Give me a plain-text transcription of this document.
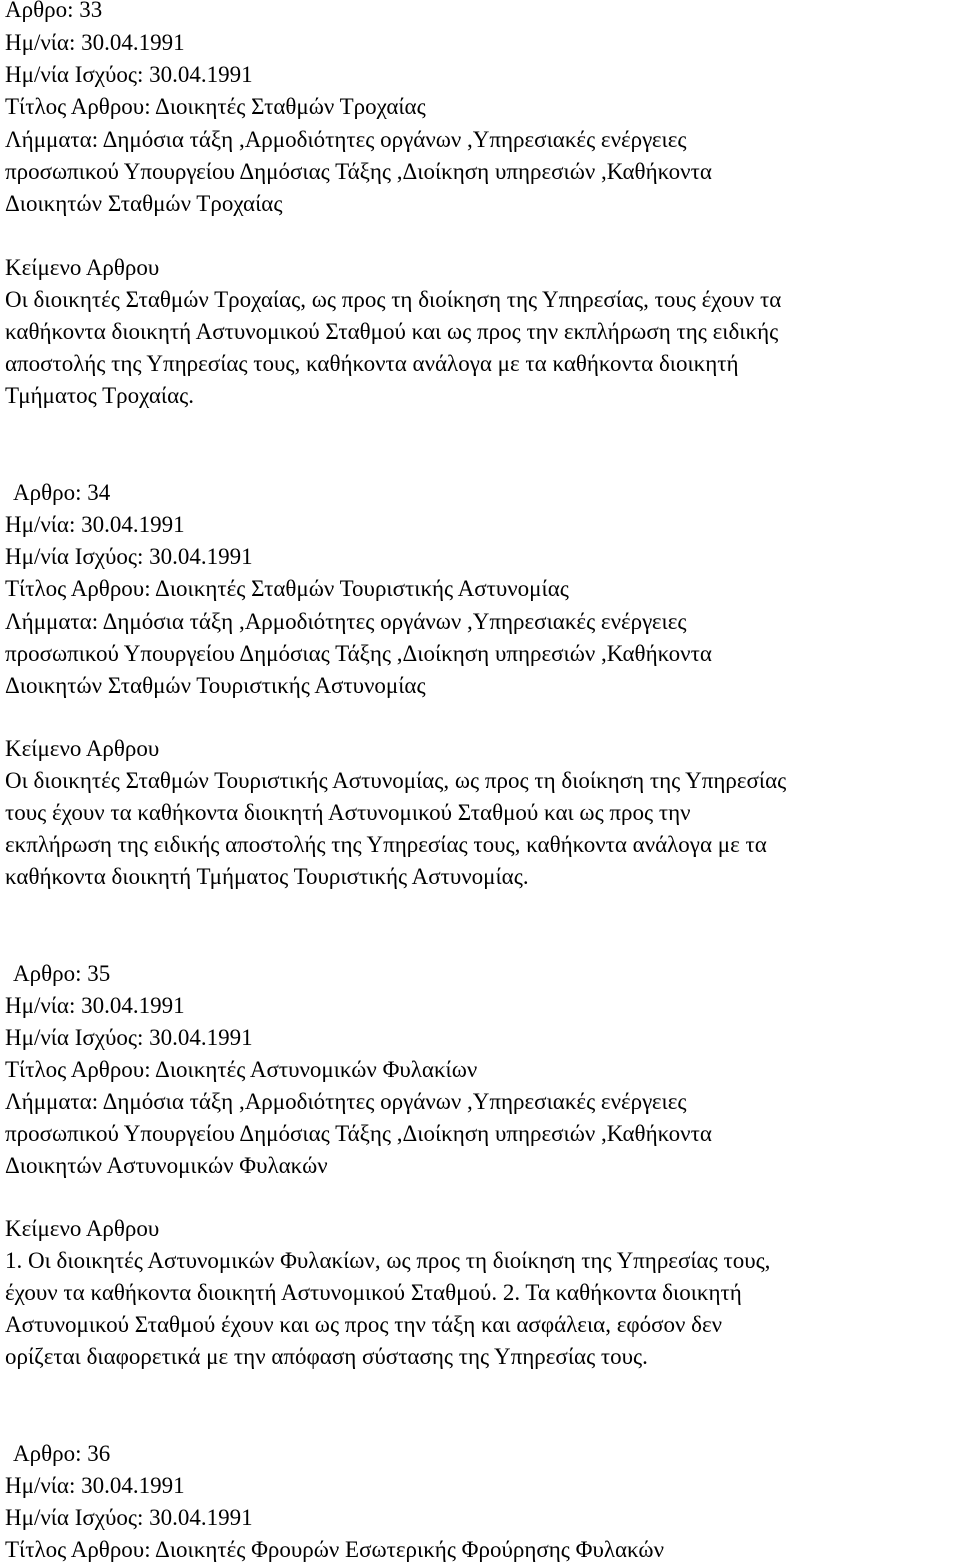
Αρθρο: 33
Ημ/νία: 30.04.1991
Ημ/νία Ισχύος: 30.04.1991
Τίτλος Αρθρου: Διοικητές Σταθμών Τροχαίας
Λήμματα: Δημόσια τάξη ,Αρμοδιότητες οργάνων ,Υπηρεσιακές ενέργειες
προσωπικού Υπουργείου Δημόσιας Τάξης ,Διοίκηση υπηρεσιών ,Καθήκοντα
Διοικητών Σταθμών Τροχαίας
Κείμενο Αρθρου
Οι διοικητές Σταθμών Τροχαίας, ως προς τη διοίκηση της Υπηρεσίας, τους έχουν τα
καθήκοντα διοικητή Αστυνομικού Σταθμού και ως προς την εκπλήρωση της ειδικής
αποστολής της Υπηρεσίας τους, καθήκοντα ανάλογα με τα καθήκοντα διοικητή
Τμήματος Τροχαίας.
Αρθρο: 34
Ημ/νία: 30.04.1991
Ημ/νία Ισχύος: 30.04.1991
Τίτλος Αρθρου: Διοικητές Σταθμών Τουριστικής Αστυνομίας
Λήμματα: Δημόσια τάξη ,Αρμοδιότητες οργάνων ,Υπηρεσιακές ενέργειες
προσωπικού Υπουργείου Δημόσιας Τάξης ,Διοίκηση υπηρεσιών ,Καθήκοντα
Διοικητών Σταθμών Τουριστικής Αστυνομίας
Κείμενο Αρθρου
Οι διοικητές Σταθμών Τουριστικής Αστυνομίας, ως προς τη διοίκηση της Υπηρεσίας
τους έχουν τα καθήκοντα διοικητή Αστυνομικού Σταθμού και ως προς την
εκπλήρωση της ειδικής αποστολής της Υπηρεσίας τους, καθήκοντα ανάλογα με τα
καθήκοντα διοικητή Τμήματος Τουριστικής Αστυνομίας.
Αρθρο: 35
Ημ/νία: 30.04.1991
Ημ/νία Ισχύος: 30.04.1991
Τίτλος Αρθρου: Διοικητές Αστυνομικών Φυλακίων
Λήμματα: Δημόσια τάξη ,Αρμοδιότητες οργάνων ,Υπηρεσιακές ενέργειες
προσωπικού Υπουργείου Δημόσιας Τάξης ,Διοίκηση υπηρεσιών ,Καθήκοντα
Διοικητών Αστυνομικών Φυλακών
Κείμενο Αρθρου
1. Οι διοικητές Αστυνομικών Φυλακίων, ως προς τη διοίκηση της Υπηρεσίας τους,
έχουν τα καθήκοντα διοικητή Αστυνομικού Σταθμού. 2. Τα καθήκοντα διοικητή
Αστυνομικού Σταθμού έχουν και ως προς την τάξη και ασφάλεια, εφόσον δεν
ορίζεται διαφορετικά με την απόφαση σύστασης της Υπηρεσίας τους.
Αρθρο: 36
Ημ/νία: 30.04.1991
Ημ/νία Ισχύος: 30.04.1991
Τίτλος Αρθρου: Διοικητές Φρουρών Εσωτερικής Φρούρησης Φυλακών
